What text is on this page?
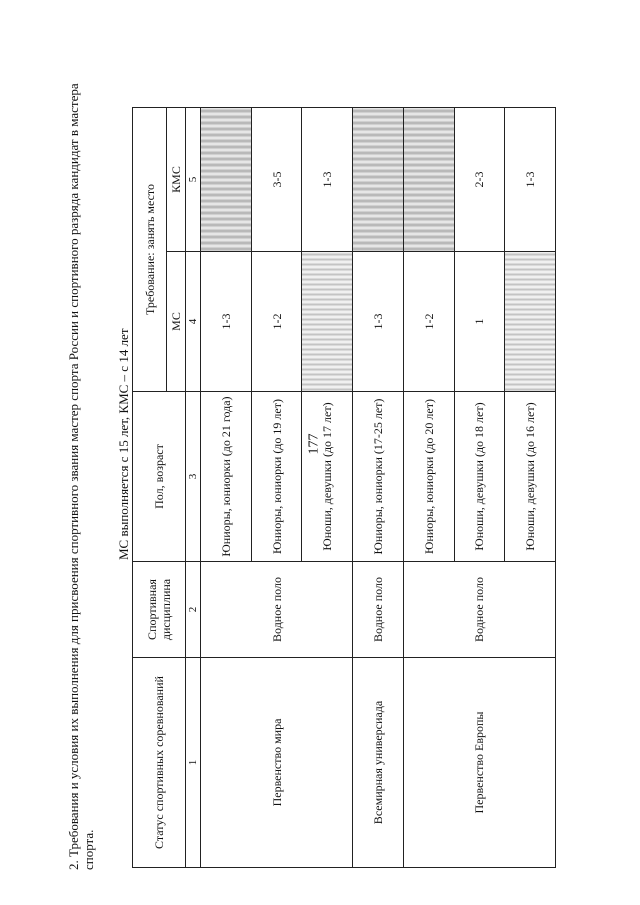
177
2. Требования и условия их выполнения для присвоения спортивного звания мастер спорта России и спортивного разряда кандидат в мастера спорта.
МС выполняется с 15 лет, КМС – с 14 лет
Статус спортивных соревнований	Спортивная дисциплина	Пол, возраст	Требование: занять место	
			МС	КМС
1	2	3	4	5
Первенство мира	Водное поло	Юниоры, юниорки (до 21 года)	1-3	
		Юниоры, юниорки (до 19 лет)	1-2	3-5
		Юноши, девушки (до 17 лет)		1-3
Всемирная универсиада	Водное поло	Юниоры, юниорки (17-25 лет)	1-3	
Первенство Европы	Водное поло	Юниоры, юниорки (до 20 лет)	1-2	
		Юноши, девушки (до 18 лет)	1	2-3
		Юноши, девушки (до 16 лет)		1-3
